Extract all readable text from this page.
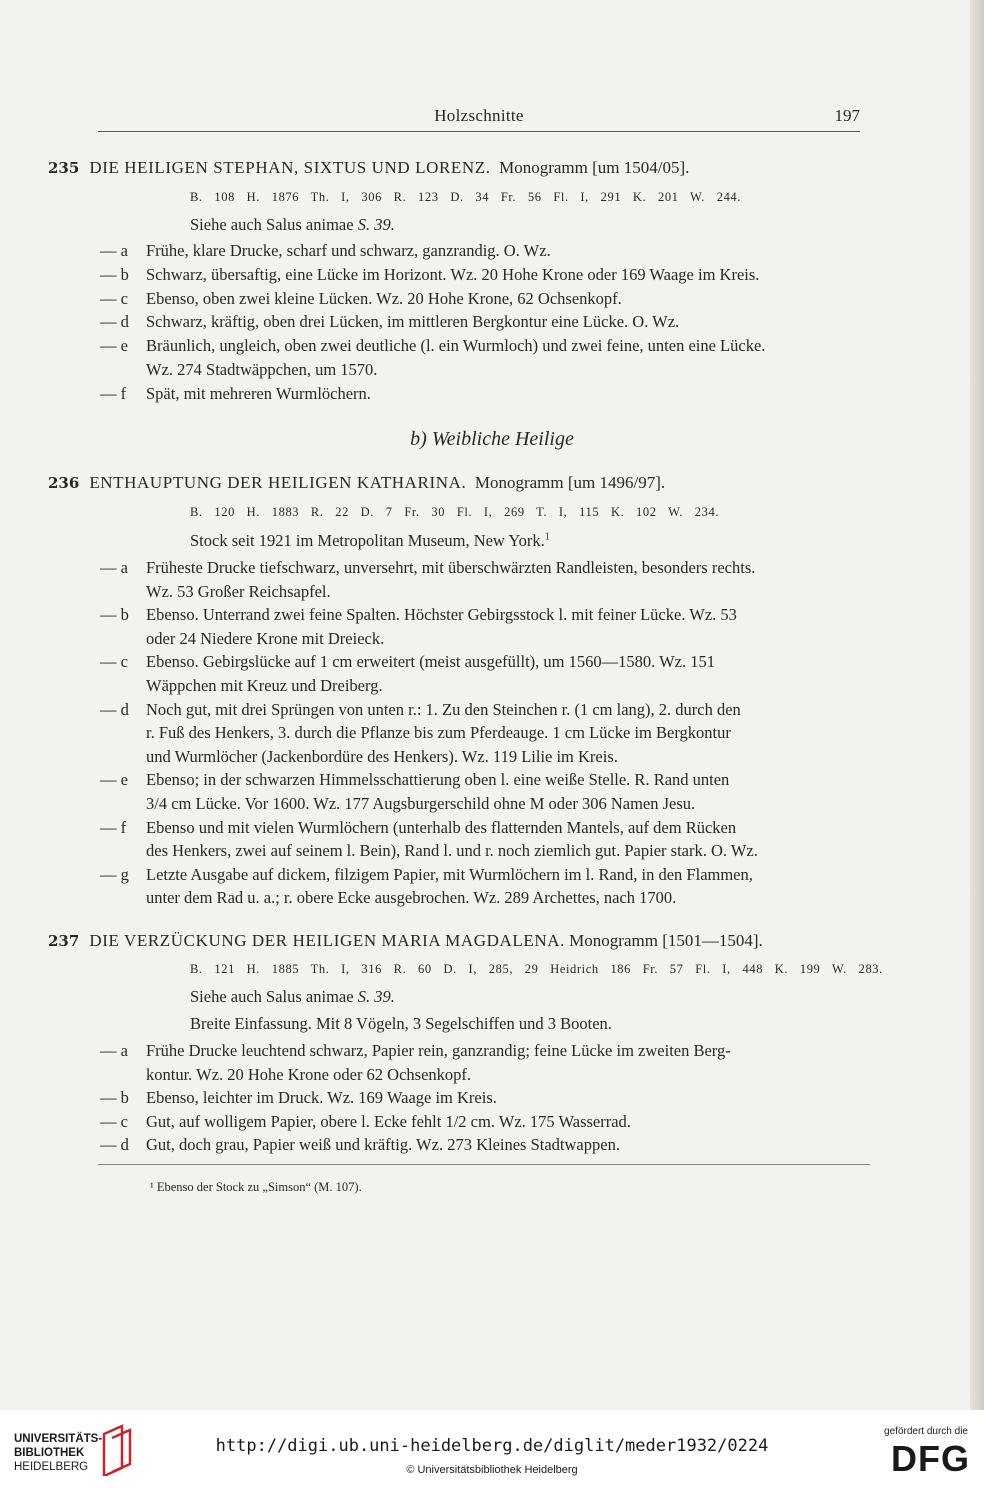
Holzschnitte	197
235 DIE HEILIGEN STEPHAN, SIXTUS UND LORENZ. Monogramm [um 1504/05].
B. 108 H. 1876 Th. I, 306 R. 123 D. 34 Fr. 56 Fl. I, 291 K. 201 W. 244.
Siehe auch Salus animae S. 39.
— a Frühe, klare Drucke, scharf und schwarz, ganzrandig. O. Wz.
— b Schwarz, übersaftig, eine Lücke im Horizont. Wz. 20 Hohe Krone oder 169 Waage im Kreis.
— c Ebenso, oben zwei kleine Lücken. Wz. 20 Hohe Krone, 62 Ochsenkopf.
— d Schwarz, kräftig, oben drei Lücken, im mittleren Bergkontur eine Lücke. O. Wz.
— e Bräunlich, ungleich, oben zwei deutliche (l. ein Wurmloch) und zwei feine, unten eine Lücke.
Wz. 274 Stadtwäppchen, um 1570.
— f Spät, mit mehreren Wurmlöchern.
b) Weibliche Heilige
236 ENTHAUPTUNG DER HEILIGEN KATHARINA. Monogramm [um 1496/97].
B. 120 H. 1883 R. 22 D. 7 Fr. 30 Fl. I, 269 T. I, 115 K. 102 W. 234.
Stock seit 1921 im Metropolitan Museum, New York.$^1$
— a Früheste Drucke tiefschwarz, unversehrt, mit überschwärzten Randleisten, besonders rechts.
Wz. 53 Großer Reichsapfel.
— b Ebenso. Unterrand zwei feine Spalten. Höchster Gebirgsstock l. mit feiner Lücke. Wz. 53
oder 24 Niedere Krone mit Dreieck.
— c Ebenso. Gebirgslücke auf 1 cm erweitert (meist ausgefüllt), um 1560—1580. Wz. 151
Wäppchen mit Kreuz und Dreiberg.
— d Noch gut, mit drei Sprüngen von unten r.: 1. Zu den Steinchen r. (1 cm lang), 2. durch den
r. Fuß des Henkers, 3. durch die Pflanze bis zum Pferdeauge. 1 cm Lücke im Bergkontur
und Wurmlöcher (Jackenbordüre des Henkers). Wz. 119 Lilie im Kreis.
— e Ebenso; in der schwarzen Himmelsschattierung oben l. eine weiße Stelle. R. Rand unten
3/4 cm Lücke. Vor 1600. Wz. 177 Augsburgerschild ohne M oder 306 Namen Jesu.
— f Ebenso und mit vielen Wurmlöchern (unterhalb des flatternden Mantels, auf dem Rücken
des Henkers, zwei auf seinem l. Bein), Rand l. und r. noch ziemlich gut. Papier stark. O. Wz.
— g Letzte Ausgabe auf dickem, filzigem Papier, mit Wurmlöchern im l. Rand, in den Flammen,
unter dem Rad u. a.; r. obere Ecke ausgebrochen. Wz. 289 Archettes, nach 1700.
237 DIE VERZÜCKUNG DER HEILIGEN MARIA MAGDALENA. Monogramm [1501—1504].
B. 121 H. 1885 Th. I, 316 R. 60 D. I, 285, 29 Heidrich 186 Fr. 57 Fl. I, 448 K. 199 W. 283.
Siehe auch Salus animae S. 39.
Breite Einfassung. Mit 8 Vögeln, 3 Segelschiffen und 3 Booten.
— a Frühe Drucke leuchtend schwarz, Papier rein, ganzrandig; feine Lücke im zweiten Berg-
kontur. Wz. 20 Hohe Krone oder 62 Ochsenkopf.
— b Ebenso, leichter im Druck. Wz. 169 Waage im Kreis.
— c Gut, auf wolligem Papier, obere l. Ecke fehlt 1/2 cm. Wz. 175 Wasserrad.
— d Gut, doch grau, Papier weiß und kräftig. Wz. 273 Kleines Stadtwappen.
¹ Ebenso der Stock zu „Simson“ (M. 107).
UNIVERSITÄTS-
BIBLIOTHEK
HEIDELBERG
http://digi.ub.uni-heidelberg.de/diglit/meder1932/0224
© Universitätsbibliothek Heidelberg
gefördert durch die
DFG
